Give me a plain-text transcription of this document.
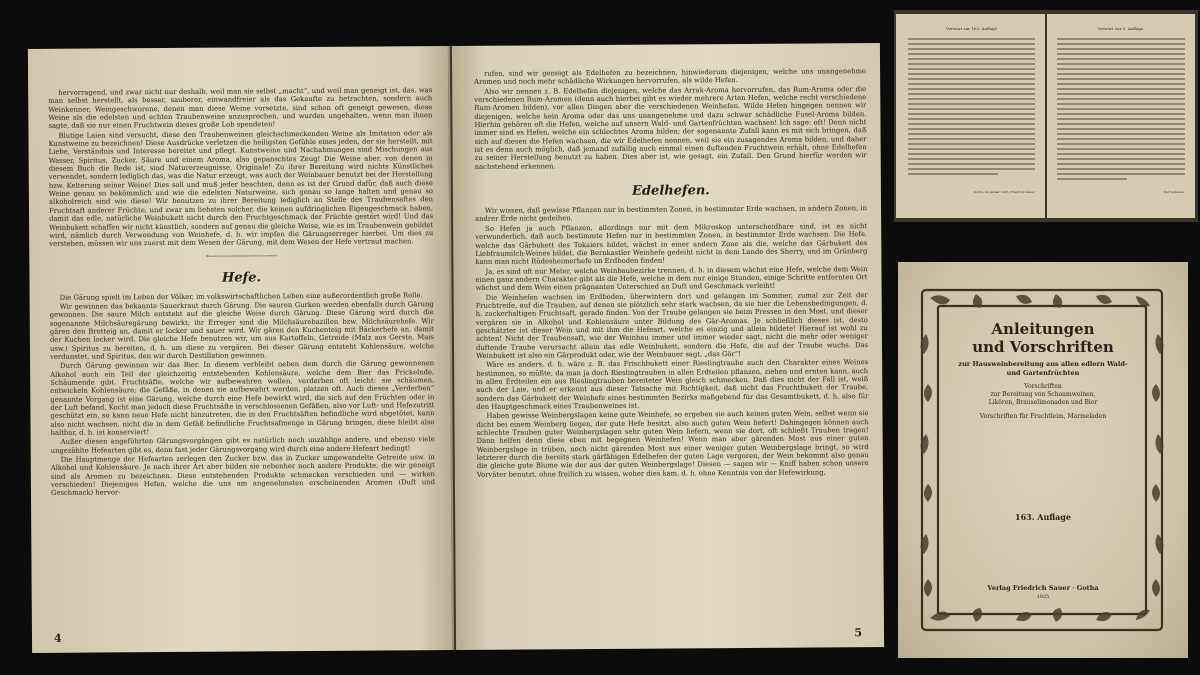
hervorragend, und zwar nicht nur deshalb, weil man sie selbst „macht“, und weil man geneigt ist, das, was man selbst herstellt, als besser, sauberer, einwandfreier als das Gekaufte zu betrachten, sondern auch Weinkenner, Weingeschworene, denen man diese Weine vorsetzte, sind schon oft geneigt gewesen, diese Weine als die edelsten und echten Traubenweine anzusprechen, und wurden ungehalten, wenn man ihnen sagte, daß sie nur einen Fruchtwein dieses große Lob spendeten!

Blutige Laien sind versucht, diese den Traubenweinen gleichschmeckenden Weine als Imitation oder als Kunstweine zu bezeichnen! Diese Ausdrücke verletzen die heiligsten Gefühle eines jeden, der sie herstellt, mit Liebe, Verständnis und Interesse bereitet und pflegt. Kunstweine und Nachahmungen sind Mischungen aus Wasser, Spiritus, Zucker, Säure und einem Aroma, also gepanschtes Zeug! Die Weine aber, von denen in diesem Buch die Rede ist, sind Naturerzeugnisse, Originale! Zu ihrer Bereitung wird nichts Künstliches verwendet, sondern lediglich das, was die Natur erzeugt, was auch der Weinbauer benutzt bei der Herstellung bzw. Kelterung seiner Weine! Dies soll und muß jeder beachten, denn es ist der Grund dafür, daß auch diese Weine genau so bekömmlich und wie die edelsten Naturweine, sich genau so lange halten und genau so alkoholreich sind wie diese! Wir benutzen zu ihrer Bereitung lediglich an Stelle des Traubensaftes den Fruchtsaft anderer Früchte, und zwar am liebsten solcher, die keinen aufdringlichen Eigengeschmack haben, damit das edle, natürliche Weinbukett nicht durch den Fruchtgeschmack der Früchte gestört wird! Und das Weinbukett schaffen wir nicht künstlich, sondern auf genau die gleiche Weise, wie es im Traubenwein gebildet wird, nämlich durch Verwendung von Weinhefe, d. h. wir impfen die Gärungserreger hierbei. Um dies zu verstehen, müssen wir uns zuerst mit dem Wesen der Gärung, mit dem Wesen der Hefe vertraut machen.

Hefe.

Die Gärung spielt im Leben der Völker, im volkswirtschaftlichen Leben eine außerordentlich große Rolle.

Wir gewinnen das bekannte Sauerkraut durch Gärung. Die sauren Gurken werden ebenfalls durch Gärung gewonnen. Die saure Milch entsteht auf die gleiche Weise durch Gärung. Diese Gärung wird durch die sogenannte Milchsäuregärung bewirkt; ihr Erreger sind die Milchsäurebazillen bzw. Milchsäurehefe. Wir gären den Brotteig an, damit er locker und sauer wird. Wir gären den Kuchenteig mit Bäckerhefe an, damit der Kuchen locker wird. Die gleiche Hefe benutzen wir, um aus Kartoffeln, Getreide (Malz aus Gerste, Mais usw.) Spiritus zu bereiten, d. h. um diese zu vergären. Bei dieser Gärung entsteht Kohlensäure, welche verdunstet, und Spiritus, den wir durch Destillation gewinnen.

Durch Gärung gewinnen wir das Bier. In diesem verbleibt neben dem durch die Gärung gewonnenen Alkohol auch ein Teil der gleichzeitig entstehenden Kohlensäure, welche dem Bier das Prickelnde, Schäumende gibt. Fruchtsäfte, welche wir aufbewahren wollen, verderben oft leicht: sie schäumen, entwickeln Kohlensäure; die Gefäße, in denen sie aufbewahrt werden, platzen oft. Auch dieses „Verderben“ genannte Vorgang ist eine Gärung, welche durch eine Hefe bewirkt wird, die sich auf den Früchten oder in der Luft befand. Kocht man jedoch diese Fruchtsäfte in verschlossenen Gefäßen, also vor Luft- und Hefezutritt geschützt ein, so kann neue Hefe nicht hinzutreten, die in den Fruchtsäften befindliche wird abgetötet, kann also nicht wachsen, nicht die in dem Gefäß befindliche Fruchtsafmenge in Gärung bringen, diese bleibt also haltbar, d. h. ist konserviert!

Außer diesen angeführten Gärungsvorgängen gibt es natürlich noch unzählige andere, und ebenso viele ungezählte Hefearten gibt es, denn fast jeder Gärungsvorgang wird durch eine andere Hefeart bedingt!

Die Hauptmenge der Hefearten zerlegen den Zucker bzw. das in Zucker umgewandelte Getreide usw. in Alkohol und Kohlensäure. Je nach ihrer Art aber bilden sie nebenher noch andere Produkte, die wir geneigt sind als Aromen zu bezeichnen. Diese entstehenden Produkte schmecken verschieden und — wirken verschieden! Diejenigen Hefen, welche die uns am angenehmsten erscheinenden Aromen (Duft und Geschmack) hervor-

4

rufen, sind wir geneigt als Edelhefen zu bezeichnen, hinwiederum diejenigen, welche uns unangenehme Aromen und noch mehr schädliche Wirkungen hervorrufen, als wilde Hefen.

Also wir nennen z. B. Edelhefen diejenigen, welche das Arrak-Aroma hervorrufen, das Rum-Aroma oder die verschiedenen Rum-Aromen (denn auch hierbei gibt es wieder mehrere Arten Hefen, welche recht verschiedene Rum-Aromen bilden), vor allen Dingen aber die verschiedenen Weinhefen. Wilde Hefen hingegen nennen wir diejenigen, welche kein Aroma oder das uns unangenehme und dazu schwer schädliche Fusel-Aroma bilden. Hierhin gehören oft die Hefen, welche auf unsern Wald- und Gartenfrüchten wachsen! Ich sage: oft! Denn nicht immer sind es Hefen, welche ein schlechtes Aroma bilden; der sogenannte Zufall kann es mit sich bringen, daß sich auf diesen die Hefen wachsen, die wir Edelhefen nennen, weil sie ein zusagendes Aroma bilden, und daher ist es denn auch möglich, daß jemand zufällig auch einmal einen duftenden Fruchtwein erhält, ohne Edelhefen zu seiner Herstellung benutzt zu haben. Dies aber ist, wie gesagt, ein Zufall. Den Grund hierfür werden wir nachstehend erkennen.

Edelhefen.

Wir wissen, daß gewisse Pflanzen nur in bestimmten Zonen, in bestimmter Erde wachsen, in andern Zonen, in andrer Erde nicht gedeihen.

So Hefen ja auch Pflanzen, allerdings nur mit dem Mikroskop unterscheidbare sind, ist es nicht verwunderlich, daß auch bestimmte Hefen nur in bestimmten Zonen, in bestimmter Erde wachsen. Die Hefe, welche das Gärbukett des Tokaiers bildet, wächst in einer andern Zone als die, welche das Gärbukett des Liebfraumilch-Weines bildet, die Bernkastler Weinhefe gedeiht nicht in dem Lande des Sherry, und im Grünberg kann man nicht Rüdesheimerhefe im Erdboden finden!

Ja, es sind oft nur Meter, welche Weinbaubezirke trennen, d. h. in diesem wächst eine Hefe, welche dem Wein einen ganz andern Charakter gibt als die Hefe, welche in dem nur einige Stunden, einige Schritte entfernten Ort wächst und dem Wein einen prägnanten Unterschied an Duft und Geschmack verleiht!

Die Weinhefen wachsen im Erdboden, überwintern dort und gelangen im Sommer, zumal zur Zeit der Fruchtreife, auf die Trauben, auf denen sie plötzlich sehr stark wachsen, da sie hier die Lebensbedingungen, d. h. zuckerhaltigen Fruchtsaft, gerade finden. Von der Traube gelangen sie beim Pressen in den Most, und dieser vergären sie in Alkohol und Kohlensäure unter Bildung des Gär-Aromas. Je schließlich dieses ist, desto geschätzter ist dieser Wein und mit ihm die Hefeart, welche es einzig und allein bildete! Hierauf ist wohl zu achten! Nicht der Traubensaft, wie der Weinbau immer und immer wieder sagt, nicht die mehr oder weniger duftende Traube verursacht allein das edle Weinbukett, sondern die Hefe, die auf der Traube wuchs. Das Weinbukett ist also ein Gärprodukt oder, wie der Weinbauer sagt, „das Gör“!

Wäre es anders, d. h. wäre z. B. das Frischbukett einer Rieslingtraube auch den Charakter eines Weines bestimmen, so müßte, da man ja doch Rieslingtrauben in allen Erdteilen pflanzen, ziehen und ernten kann, auch in allen Erdteilen ein aus Rieslingtrauben bereiteter Wein gleich schmecken. Daß dies nicht der Fall ist, weiß auch der Laie, und er erkennt aus dieser Tatsache mit Richtigkeit, daß nicht das Fruchtbukett der Traube, sondern das Gärbukett der Weinhefe eines bestimmten Bezirks maßgebend für das Gesamtbukett, d. h. also für den Hauptgeschmack eines Traubenweines ist.

Haben gewisse Weinbergslagen keine gute Weinhefe, so ergeben sie auch keinen guten Wein, selbst wenn sie dicht bei einem Weinberg liegen, der gute Hefe besitzt, also auch guten Wein liefert! Dahingegen können auch schlechte Trauben guter Weinbergslagen sehr guten Wein liefern, wenn sie dort, oft schließt Trauben tragen! Dann helfen denn diese eben mit begegnen Weinhefen! Wenn man aber gärenden Most aus einer guten Weinbergslage in trüben, noch nicht gärenden Most aus einer weniger guten Weinbergslage bringt, so wird letzterer durch die bereits stark gärfähigen Edelhefen der guten Lage vergoren, der Wein bekommt also genau die gleiche gute Blume wie der aus der guten Weinbergslage! Diesen — sagen wir — Kniff haben schon unsere Vorväter benutzt, ohne freilich zu wissen, woher dies kam, d. h. ohne Kenntnis von der Hefewirkung,

5
Vorwort zur 163. Auflage
Gotha, im Januar 1925. Friedrich Sauer.
Vorwort zur 1. Auflage.
Der Verfasser.
Anleitungen
und Vorschriften
zur Hausweinbereitung aus allen edlern Wald-
und Gartenfrüchten
Vorschriften
zur Bereitung von Schaumweinen,
Likören, Brauselimonaden und Bier
Vorschriften für Fruchtleim, Marmeladen
163. Auflage
Verlag Friedrich Sauer · Gotha
1925
